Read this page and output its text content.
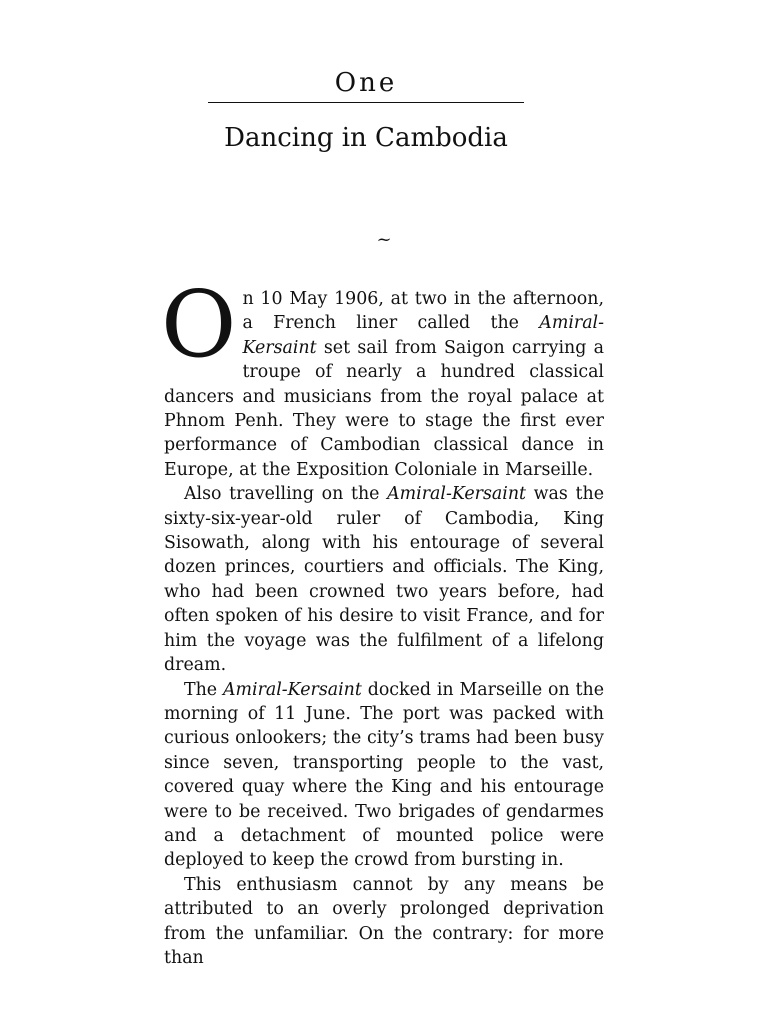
One
Dancing in Cambodia
~

On 10 May 1906, at two in the afternoon, a French liner called the Amiral-Kersaint set sail from Saigon carrying a troupe of nearly a hundred classical dancers and musicians from the royal palace at Phnom Penh. They were to stage the first ever performance of Cambodian classical dance in Europe, at the Exposition Coloniale in Marseille.

Also travelling on the Amiral-Kersaint was the sixty-six-year-old ruler of Cambodia, King Sisowath, along with his entourage of several dozen princes, courtiers and officials. The King, who had been crowned two years before, had often spoken of his desire to visit France, and for him the voyage was the fulfilment of a lifelong dream.

The Amiral-Kersaint docked in Marseille on the morning of 11 June. The port was packed with curious onlookers; the city’s trams had been busy since seven, transporting people to the vast, covered quay where the King and his entourage were to be received. Two brigades of gendarmes and a detachment of mounted police were deployed to keep the crowd from bursting in.

This enthusiasm cannot by any means be attributed to an overly prolonged deprivation from the unfamiliar. On the contrary: for more than
